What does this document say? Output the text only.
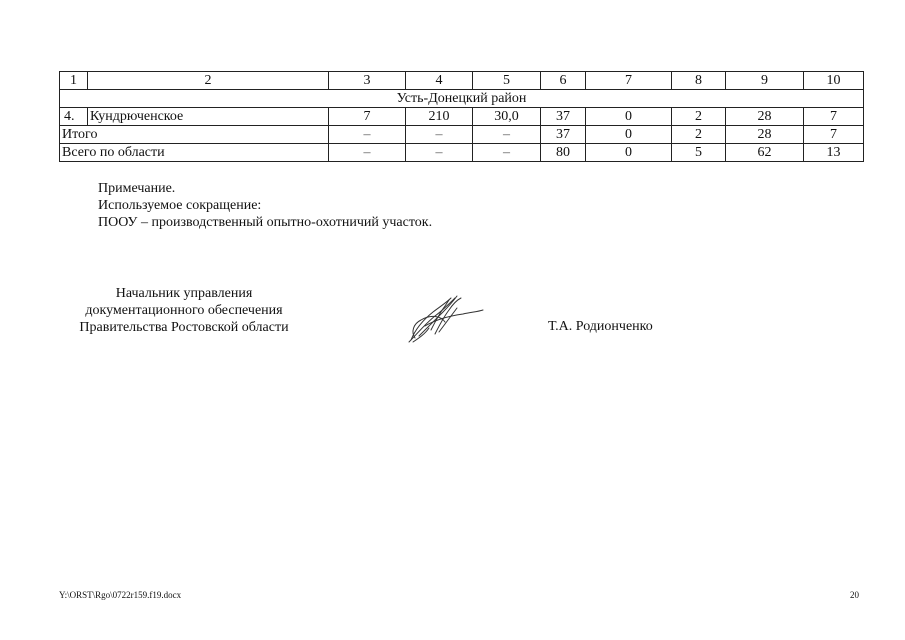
1	2	3	4	5	6	7	8	9	10
Усть-Донецкий район									
4.	Кундрюченское	7	210	30,0	37	0	2	28	7
Итого		–	–	–	37	0	2	28	7
Всего по области		–	–	–	80	0	5	62	13
Примечание.
Используемое сокращение:
ПООУ – производственный опытно-охотничий участок.
Начальник управления
документационного обеспечения
Правительства Ростовской области	Т.А. Родионченко
Y:\ORST\Rgo\0722r159.f19.docx	20
